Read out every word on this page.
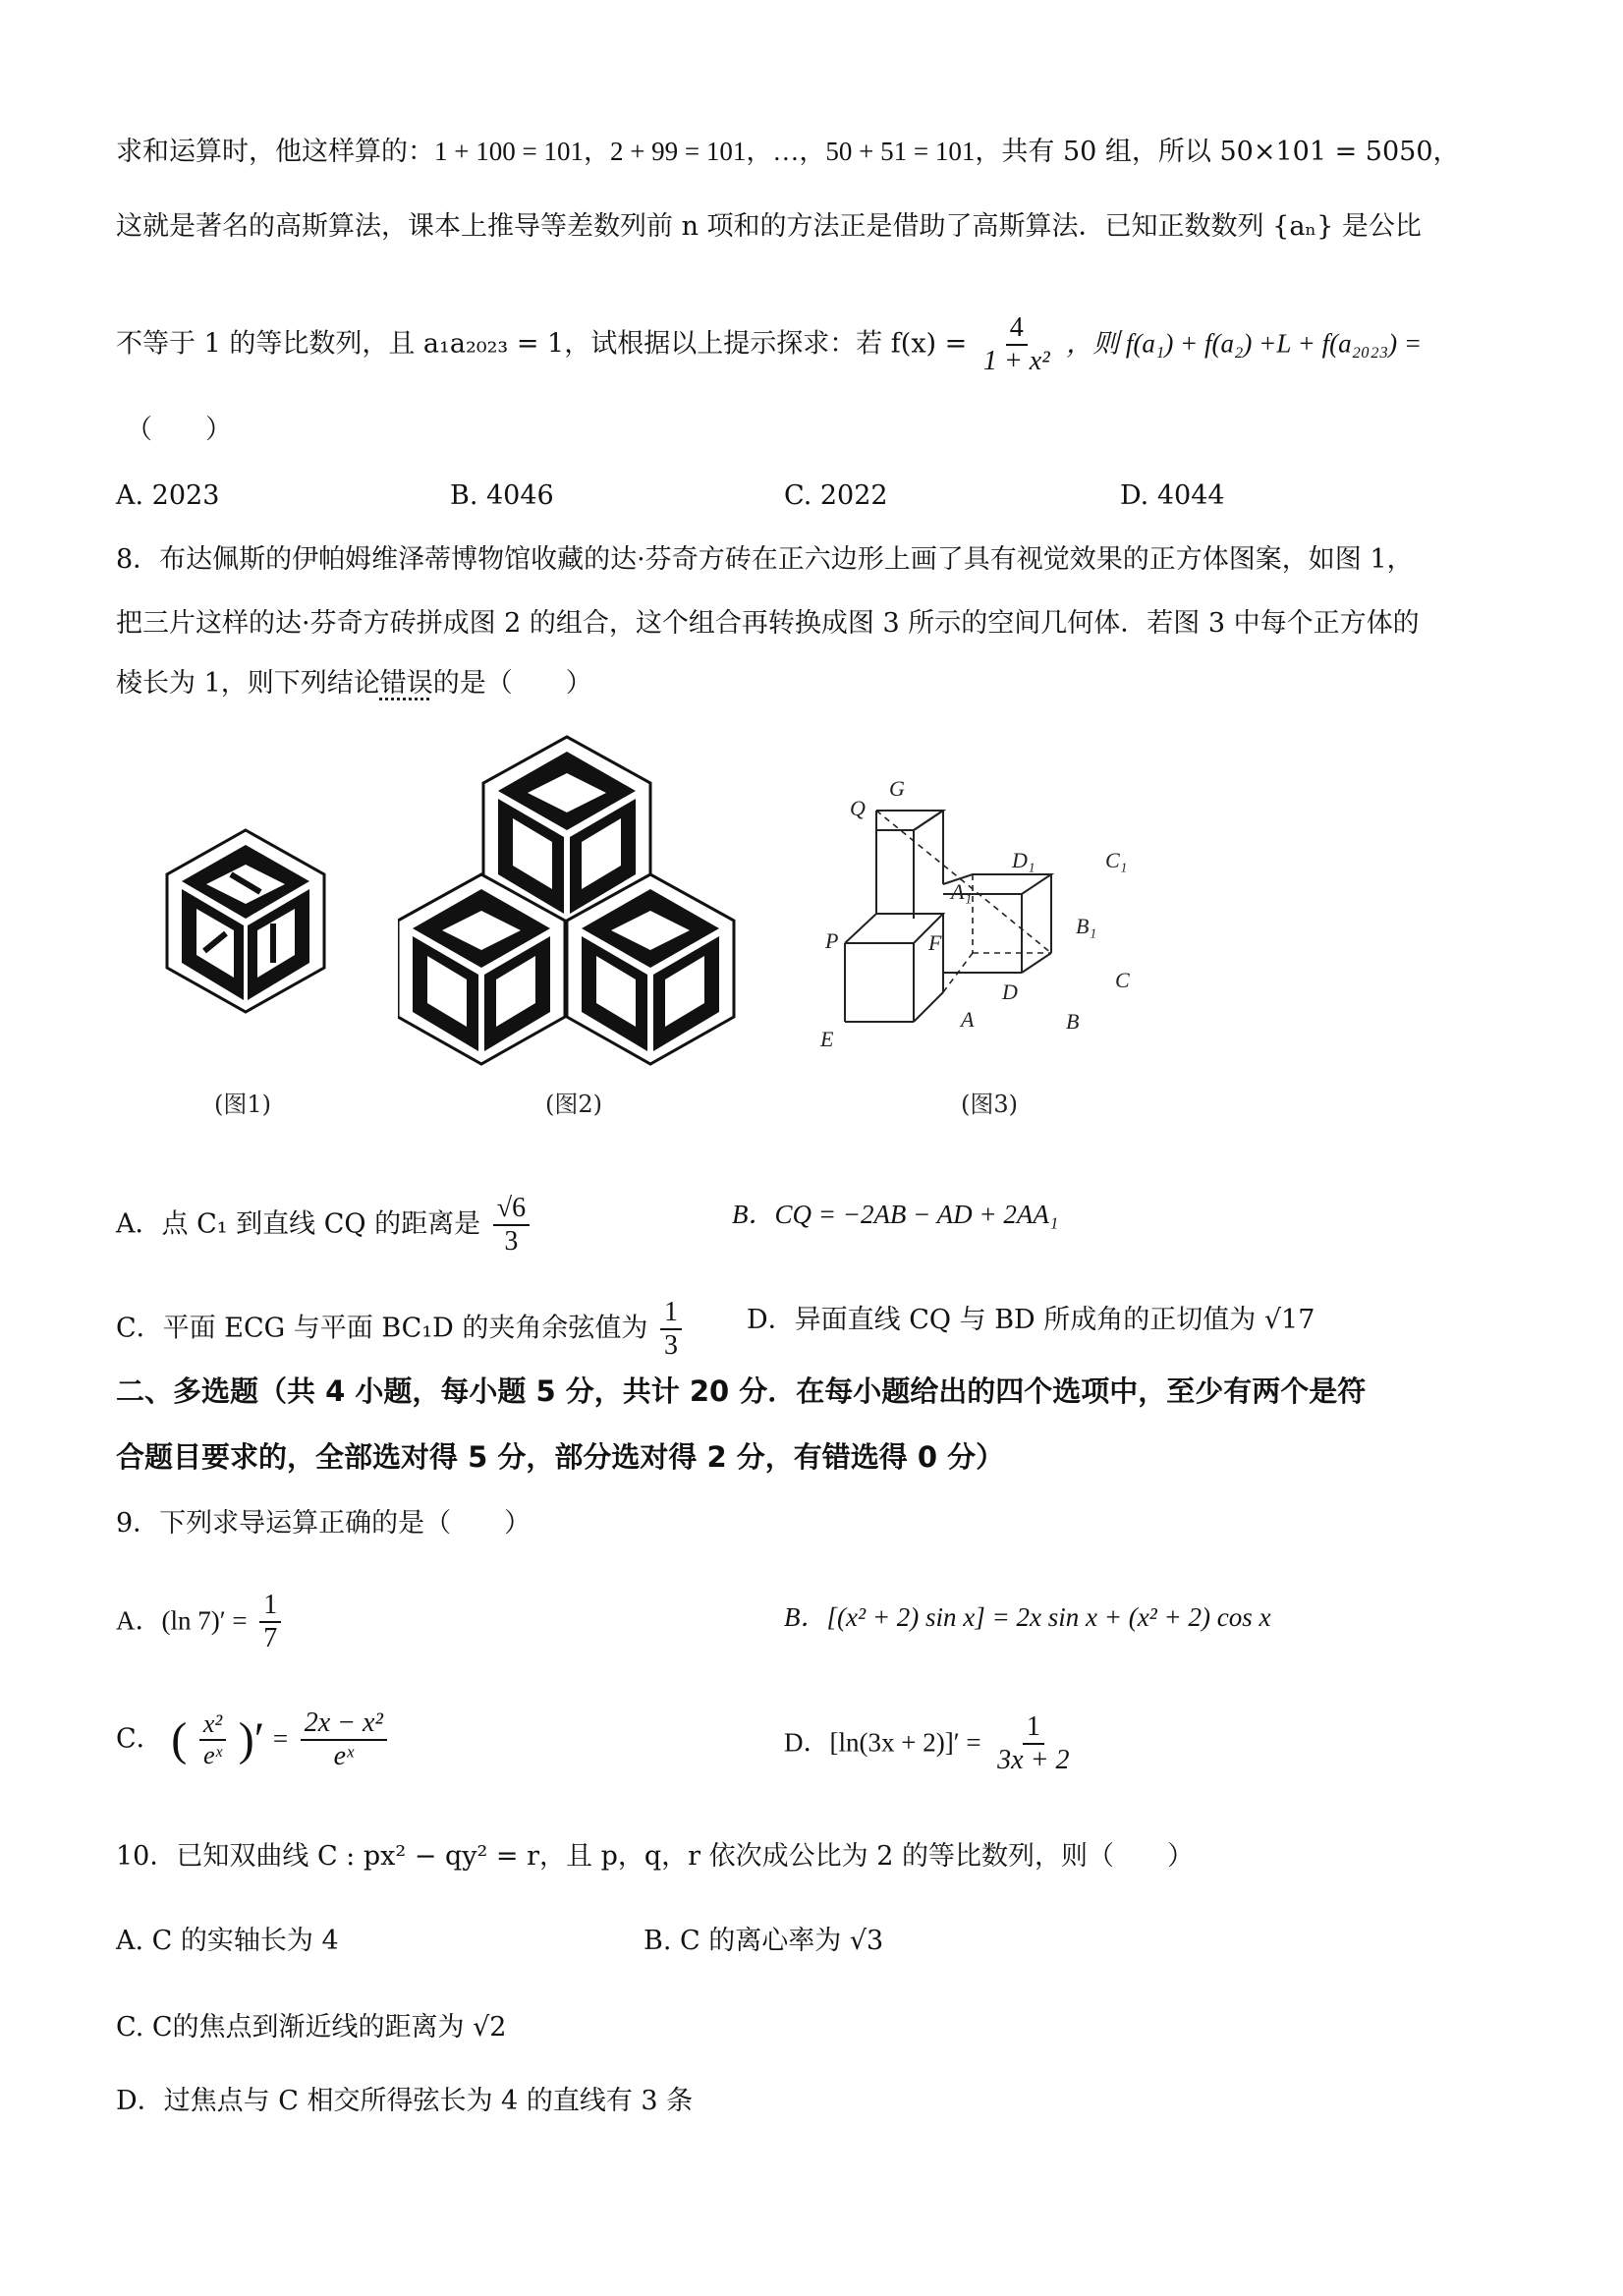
求和运算时，他这样算的：1 + 100 = 101，2 + 99 = 101，…，50 + 51 = 101，共有 50 组，所以 50×101 = 5050，
这就是著名的高斯算法，课本上推导等差数列前 n 项和的方法正是借助了高斯算法．已知正数数列 {aₙ} 是公比
不等于 1 的等比数列，且 a₁a₂₀₂₃ = 1，试根据以上提示探求：若 $f(x) = \frac{4}{\text{1 + x²}}$ ，则 f(a₁) + f(a₂) +L + f(a₂₀₂₃) =
（　　）
A. 2023	B. 4046	C. 2022	D. 4044
8．布达佩斯的伊帕姆维泽蒂博物馆收藏的达·芬奇方砖在正六边形上画了具有视觉效果的正方体图案，如图 1，
把三片这样的达·芬奇方砖拼成图 2 的组合，这个组合再转换成图 3 所示的空间几何体．若图 3 中每个正方体的
棱长为 1，则下列结论错误的是（　　）
(图1)	(图2)
G
Q
D₁	C₁
A₁
B₁
P	F
C
D
A	B
E
(图3)
A．点 C₁ 到直线 CQ 的距离是 $\frac{√6}{3}$	B．CQ = −2AB − AD + 2AA₁
C．平面 ECG 与平面 BC₁D 的夹角余弦值为 $\frac{1}{3}$ D．异面直线 CQ 与 BD 所成角的正切值为 √17
二、多选题（共 4 小题，每小题 5 分，共计 20 分．在每小题给出的四个选项中，至少有两个是符
合题目要求的，全部选对得 5 分，部分选对得 2 分，有错选得 0 分）
9．下列求导运算正确的是（　　）
A．(ln $7)' = \frac{1}{7}$	B．[(x² + 2) sin x] = 2x sin x + (x² + 2) cos x
C． ( $\frac{\text{x²}}{\text{eˣ}}$ )′ = $\frac{\text{2x − x²}}{\text{eˣ}}$	D．$[\ln(3x + 2)]' = \frac{1}{3x + 2}$
10．已知双曲线 C : px² − qy² = r，且 p，q，r 依次成公比为 2 的等比数列，则（　　）
A. C 的实轴长为 4	B. C 的离心率为 √3
C. C的焦点到渐近线的距离为 √2
D．过焦点与 C 相交所得弦长为 4 的直线有 3 条
